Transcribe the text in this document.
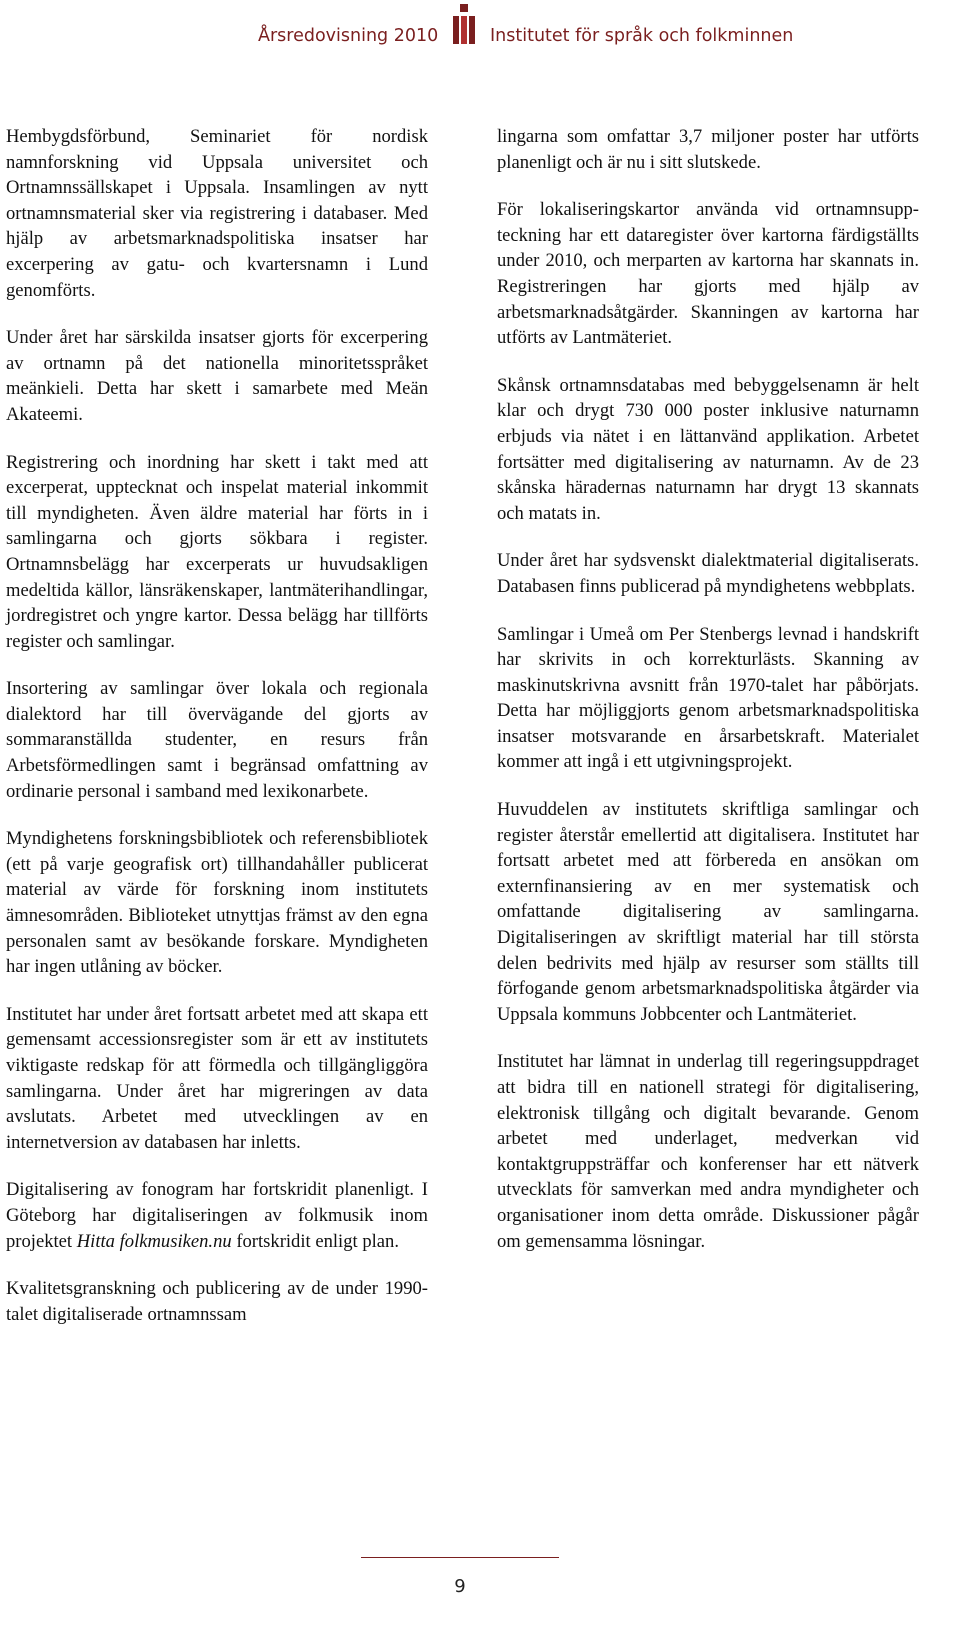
Årsredovisning 2010	Institutet för språk och folkminnen

Hembygdsförbund, Seminariet för nordisk namnforskning vid Uppsala universitet och Ortnamnssällskapet i Uppsala. Insamlingen av nytt ortnamnsmaterial sker via registrering i databaser. Med hjälp av arbetsmarknadspolitiska insatser har excerpering av gatu- och kvartersnamn i Lund genomförts.

Under året har särskilda insatser gjorts för excerpering av ortnamn på det nationella minoritetsspråket meänkieli. Detta har skett i samarbete med Meän Akateemi.

Registrering och inordning har skett i takt med att excerperat, upptecknat och inspelat material inkommit till myndigheten. Även äldre material har förts in i samlingarna och gjorts sökbara i register. Ortnamnsbelägg har excerperats ur huvudsakligen medeltida källor, länsräkenskaper, lantmäterihandlingar, jordregistret och yngre kartor. Dessa belägg har tillförts register och samlingar.

Insortering av samlingar över lokala och regionala dialektord har till övervägande del gjorts av sommaranställda studenter, en resurs från Arbetsförmedlingen samt i begränsad omfattning av ordinarie personal i samband med lexikonarbete.

Myndighetens forskningsbibliotek och referensbibliotek (ett på varje geografisk ort) tillhandahåller publicerat material av värde för forskning inom institutets ämnesområden. Biblioteket utnyttjas främst av den egna personalen samt av besökande forskare. Myndigheten har ingen utlåning av böcker.

Institutet har under året fortsatt arbetet med att skapa ett gemensamt accessionsregister som är ett av institutets viktigaste redskap för att förmedla och tillgängliggöra samlingarna. Under året har migreringen av data avslutats. Arbetet med utvecklingen av en internetversion av databasen har inletts.

Digitalisering av fonogram har fortskridit planenligt. I Göteborg har digitaliseringen av folkmusik inom projektet Hitta folkmusiken.nu fortskridit enligt plan.

Kvalitetsgranskning och publicering av de under 1990-talet digitaliserade ortnamnssam

lingarna som omfattar 3,7 miljoner poster har utförts planenligt och är nu i sitt slutskede.

För lokaliseringskartor använda vid ortnamnsuppteckning har ett dataregister över kartorna färdigställts under 2010, och merparten av kartorna har skannats in. Registreringen har gjorts med hjälp av arbetsmarknadsåtgärder. Skanningen av kartorna har utförts av Lantmäteriet.

Skånsk ortnamnsdatabas med bebyggelsenamn är helt klar och drygt 730 000 poster inklusive naturnamn erbjuds via nätet i en lättanvänd applikation. Arbetet fortsätter med digitalisering av naturnamn. Av de 23 skånska häradernas naturnamn har drygt 13 skannats och matats in.

Under året har sydsvenskt dialektmaterial digitaliserats. Databasen finns publicerad på myndighetens webbplats.

Samlingar i Umeå om Per Stenbergs levnad i handskrift har skrivits in och korrekturlästs. Skanning av maskinutskrivna avsnitt från 1970-talet har påbörjats. Detta har möjliggjorts genom arbetsmarknadspolitiska insatser motsvarande en årsarbetskraft. Materialet kommer att ingå i ett utgivningsprojekt.

Huvuddelen av institutets skriftliga samlingar och register återstår emellertid att digitalisera. Institutet har fortsatt arbetet med att förbereda en ansökan om externfinansiering av en mer systematisk och omfattande digitalisering av samlingarna. Digitaliseringen av skriftligt material har till största delen bedrivits med hjälp av resurser som ställts till förfogande genom arbetsmarknadspolitiska åtgärder via Uppsala kommuns Jobbcenter och Lantmäteriet.

Institutet har lämnat in underlag till regeringsuppdraget att bidra till en nationell strategi för digitalisering, elektronisk tillgång och digitalt bevarande. Genom arbetet med underlaget, medverkan vid kontaktgruppsträffar och konferenser har ett nätverk utvecklats för samverkan med andra myndigheter och organisationer inom detta område. Diskussioner pågår om gemensamma lösningar.

9
